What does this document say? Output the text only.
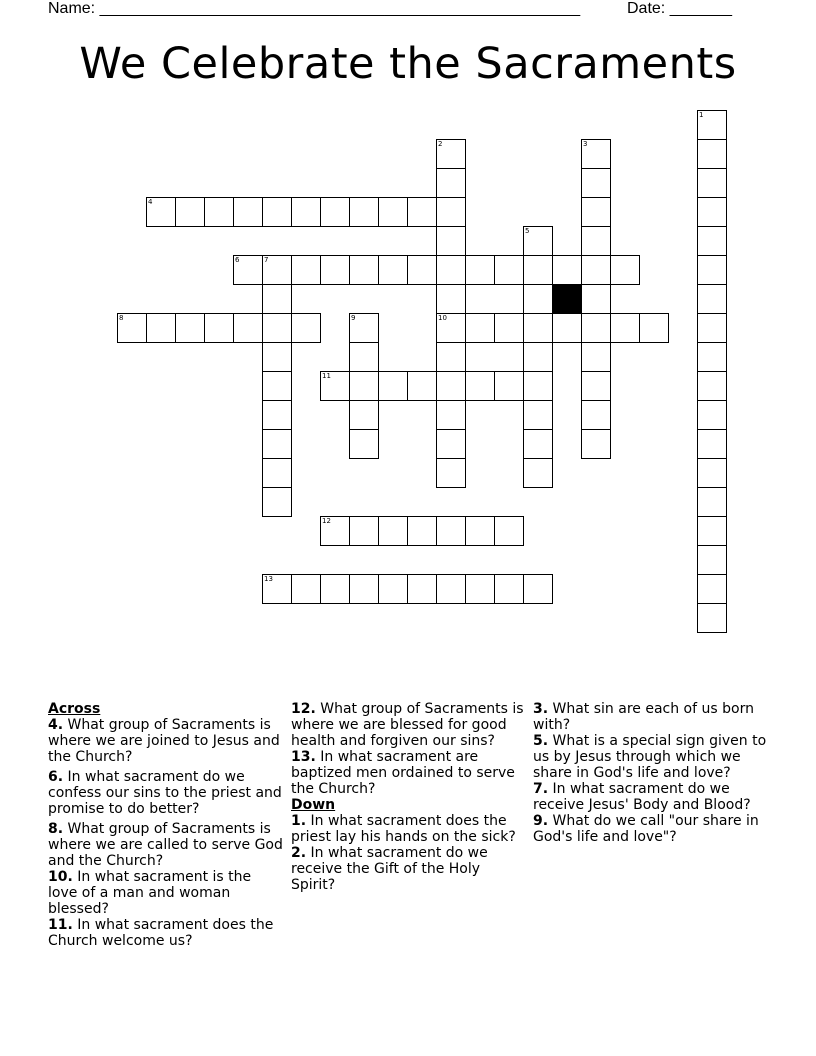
Name: ______________________________________________________	Date: _______
We Celebrate the Sacraments
1
2
10
3
4
5
6	7
8	9
11
12
13
Across
4. What group of Sacraments is where we are joined to Jesus and the Church?
6. In what sacrament do we confess our sins to the priest and promise to do better?
8. What group of Sacraments is where we are called to serve God and the Church?
10. In what sacrament is the love of a man and woman blessed?
11. In what sacrament does the Church welcome us?
12. What group of Sacraments is where we are blessed for good health and forgiven our sins?
13. In what sacrament are baptized men ordained to serve the Church?
Down
1. In what sacrament does the priest lay his hands on the sick?
2. In what sacrament do we receive the Gift of the Holy Spirit?
3. What sin are each of us born with?
5. What is a special sign given to us by Jesus through which we share in God's life and love?
7. In what sacrament do we receive Jesus' Body and Blood?
9. What do we call "our share in God's life and love"?
